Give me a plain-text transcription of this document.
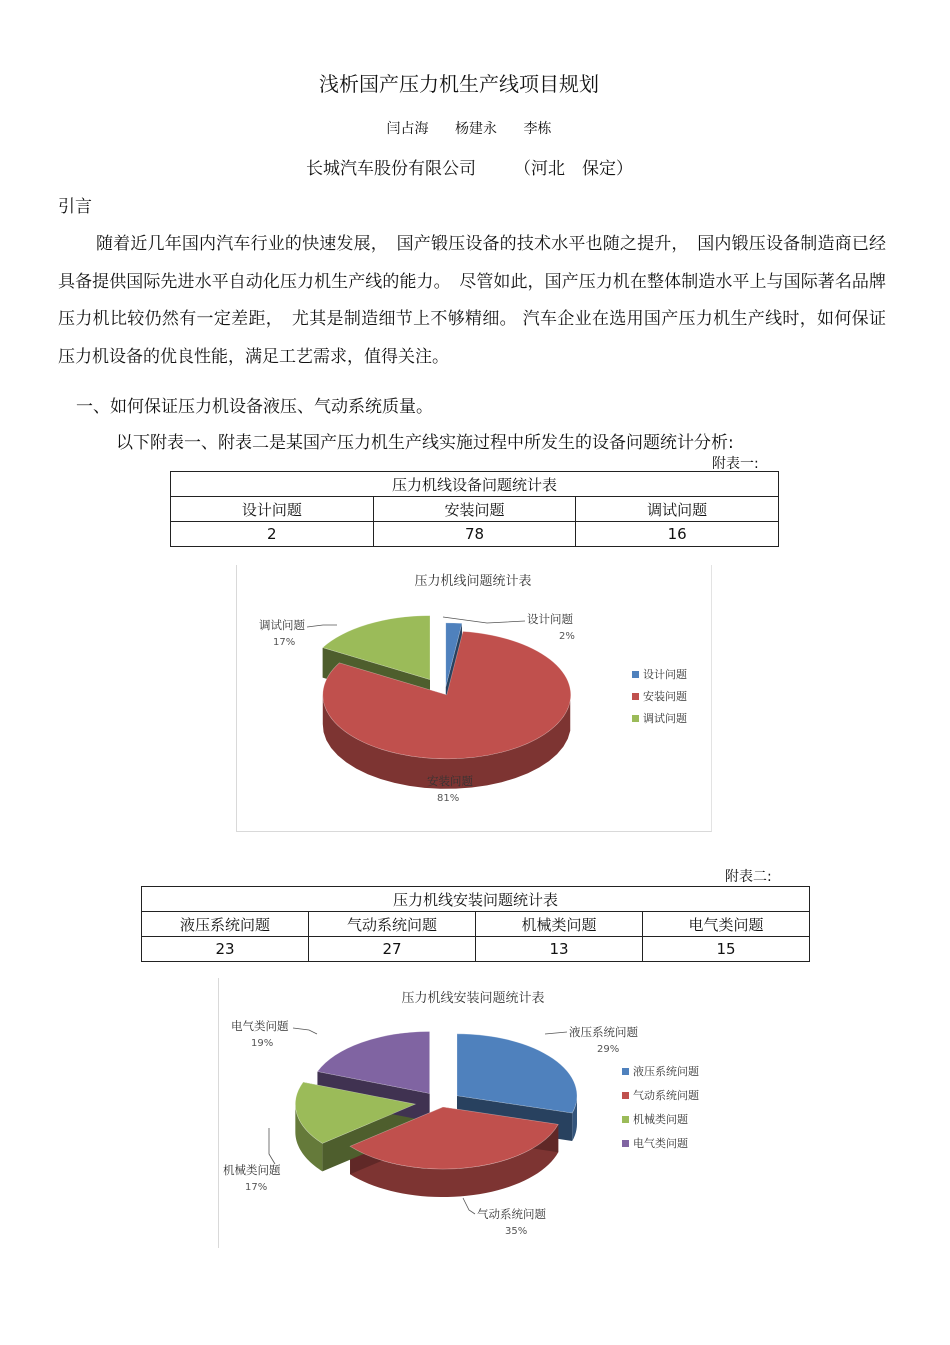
浅析国产压力机生产线项目规划
闫占海 杨建永 李栋
长城汽车股份有限公司 （河北　保定）
引言

随着近几年国内汽车行业的快速发展，　国产锻压设备的技术水平也随之提升，　国内锻压设备制造商已经具备提供国际先进水平自动化压力机生产线的能力。　尽管如此，国产压力机在整体制造水平上与国际著名品牌压力机比较仍然有一定差距，　尤其是制造细节上不够精细。 汽车企业在选用国产压力机生产线时，如何保证压力机设备的优良性能，满足工艺需求，值得关注。

一、如何保证压力机设备液压、气动系统质量。
以下附表一、附表二是某国产压力机生产线实施过程中所发生的设备问题统计分析:
附表一:
压力机线设备问题统计表		
设计问题	安装问题	调试问题
2	78	16
压力机线问题统计表
设计问题
2%
调试问题
17%
安装问题
81%
设计问题
安装问题
调试问题
附表二:
压力机线安装问题统计表			
液压系统问题	气动系统问题	机械类问题	电气类问题
23	27	13	15
压力机线安装问题统计表
液压系统问题
29%
电气类问题
19%
机械类问题
17%
气动系统问题
35%
液压系统问题
气动系统问题
机械类问题
电气类问题
